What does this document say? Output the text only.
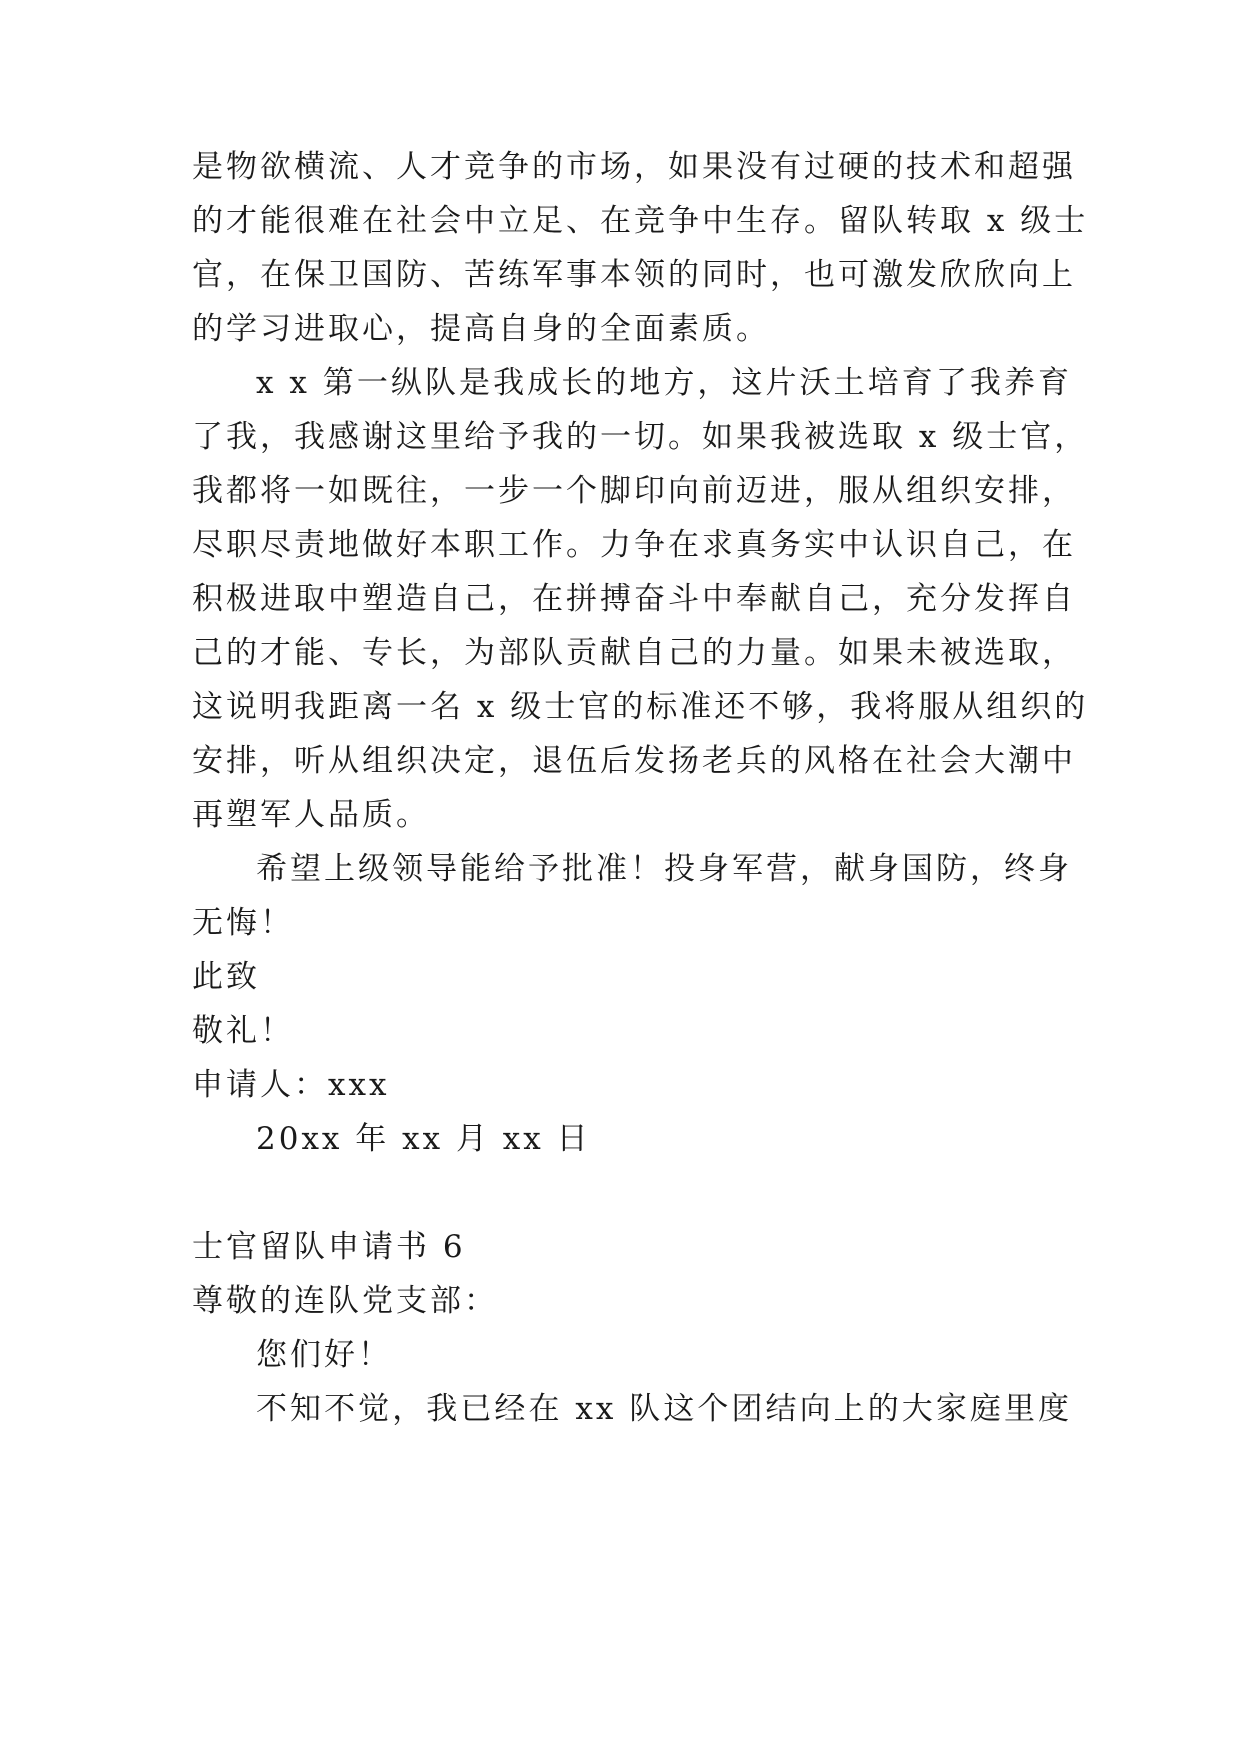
是物欲横流、人才竞争的市场，如果没有过硬的技术和超强
的才能很难在社会中立足、在竞争中生存。留队转取 x 级士
官，在保卫国防、苦练军事本领的同时，也可激发欣欣向上
的学习进取心，提高自身的全面素质。
x x 第一纵队是我成长的地方，这片沃土培育了我养育
了我，我感谢这里给予我的一切。如果我被选取 x 级士官，
我都将一如既往，一步一个脚印向前迈进，服从组织安排，
尽职尽责地做好本职工作。力争在求真务实中认识自己，在
积极进取中塑造自己，在拼搏奋斗中奉献自己，充分发挥自
己的才能、专长，为部队贡献自己的力量。如果未被选取，
这说明我距离一名 x 级士官的标准还不够，我将服从组织的
安排，听从组织决定，退伍后发扬老兵的风格在社会大潮中
再塑军人品质。
希望上级领导能给予批准！投身军营，献身国防，终身
无悔！
此致
敬礼！
申请人：xxx
20xx 年 xx 月 xx 日
士官留队申请书 6
尊敬的连队党支部：
您们好！
不知不觉，我已经在 xx 队这个团结向上的大家庭里度
